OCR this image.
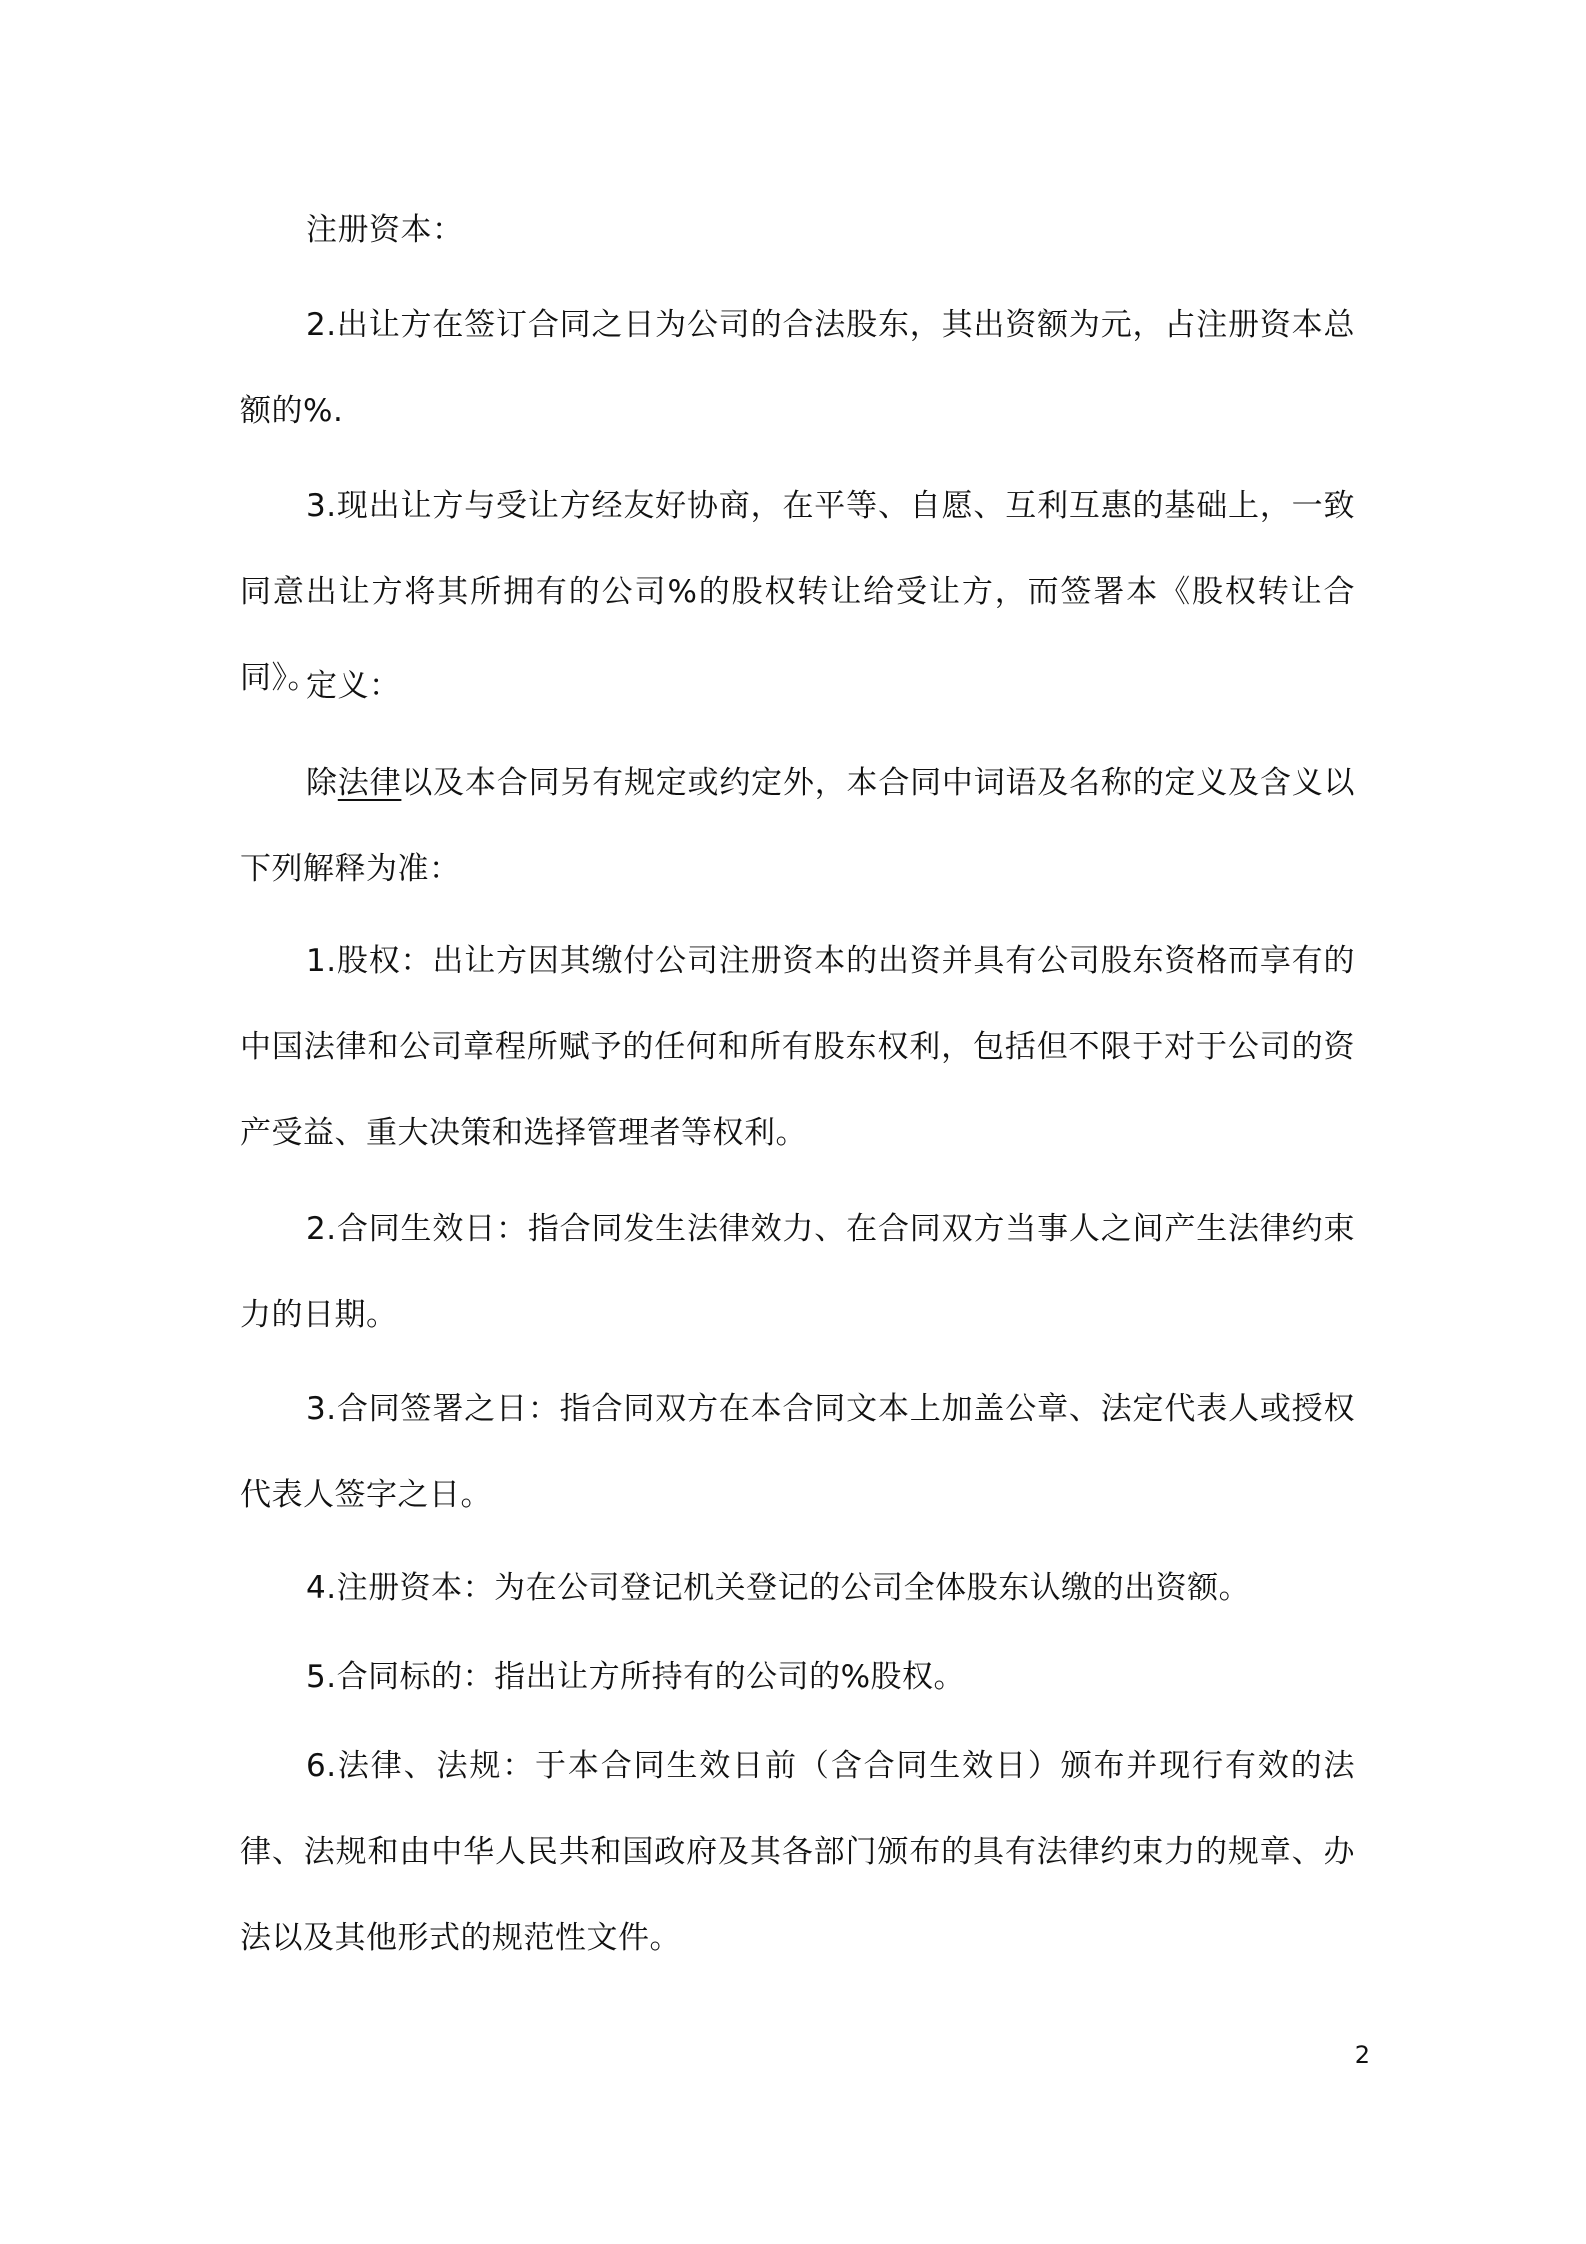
注册资本：

2.出让方在签订合同之日为公司的合法股东，其出资额为元，占注册资本总额的%.

3.现出让方与受让方经友好协商，在平等、自愿、互利互惠的基础上，一致同意出让方将其所拥有的公司%的股权转让给受让方，而签署本《股权转让合同》。

定义：

除法律以及本合同另有规定或约定外，本合同中词语及名称的定义及含义以下列解释为准：

1.股权：出让方因其缴付公司注册资本的出资并具有公司股东资格而享有的中国法律和公司章程所赋予的任何和所有股东权利，包括但不限于对于公司的资产受益、重大决策和选择管理者等权利。

2.合同生效日：指合同发生法律效力、在合同双方当事人之间产生法律约束力的日期。

3.合同签署之日：指合同双方在本合同文本上加盖公章、法定代表人或授权代表人签字之日。

4.注册资本：为在公司登记机关登记的公司全体股东认缴的出资额。

5.合同标的：指出让方所持有的公司的%股权。

6.法律、法规：于本合同生效日前（含合同生效日）颁布并现行有效的法律、法规和由中华人民共和国政府及其各部门颁布的具有法律约束力的规章、办法以及其他形式的规范性文件。

2
